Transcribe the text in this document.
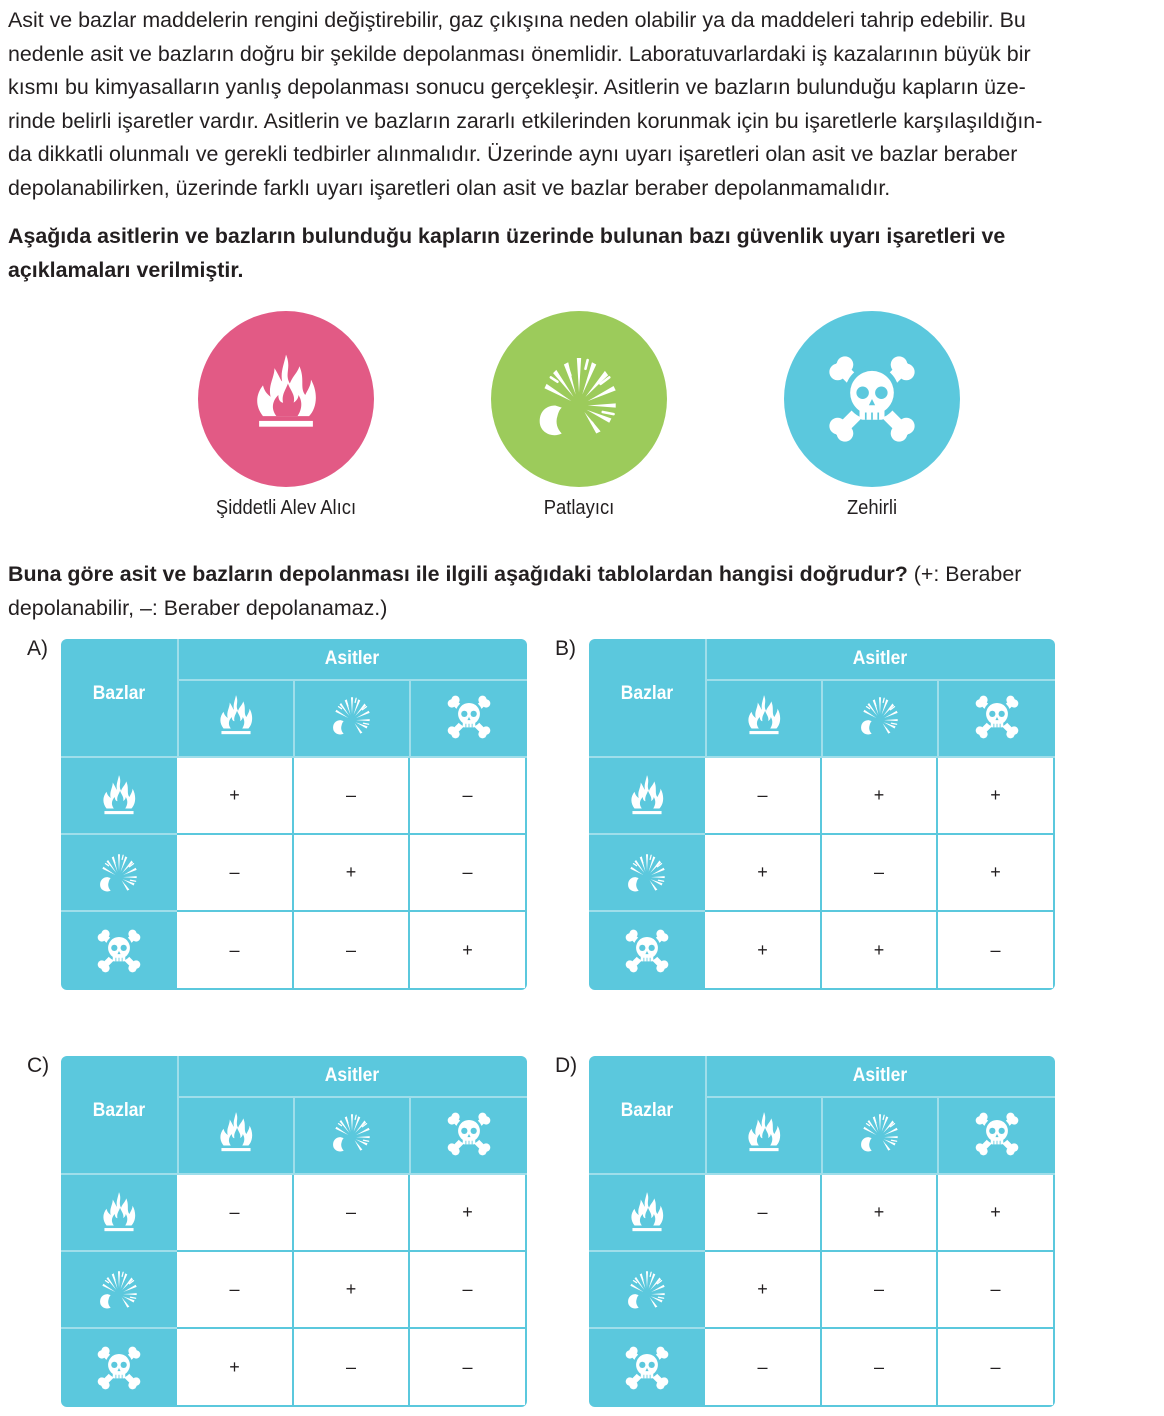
Asit ve bazlar maddelerin rengini değiştirebilir, gaz çıkışına neden olabilir ya da maddeleri tahrip edebilir. Bu
nedenle asit ve bazların doğru bir şekilde depolanması önemlidir. Laboratuvarlardaki iş kazalarının büyük bir
kısmı bu kimyasalların yanlış depolanması sonucu gerçekleşir. Asitlerin ve bazların bulunduğu kapların üze-
rinde belirli işaretler vardır. Asitlerin ve bazların zararlı etkilerinden korunmak için bu işaretlerle karşılaşıldığın-
da dikkatli olunmalı ve gerekli tedbirler alınmalıdır. Üzerinde aynı uyarı işaretleri olan asit ve bazlar beraber
depolanabilirken, üzerinde farklı uyarı işaretleri olan asit ve bazlar beraber depolanmamalıdır.
Aşağıda asitlerin ve bazların bulunduğu kapların üzerinde bulunan bazı güvenlik uyarı işaretleri ve
açıklamaları verilmiştir.
Şiddetli Alev Alıcı	Patlayıcı	Zehirli
Buna göre asit ve bazların depolanması ile ilgili aşağıdaki tablolardan hangisi doğrudur? (+: Beraber
depolanabilir, –: Beraber depolanamaz.)
A)	B)
C)	D)
Asitler
Bazlar
+	–	–
–	+	–
–	–	+
Asitler
Bazlar
–	+	+
+	–	+
+	+	–
Asitler
Bazlar
–	–	+
–	+	–
+	–	–
Asitler
Bazlar
–	+	+
+	–	–
–	–	–
